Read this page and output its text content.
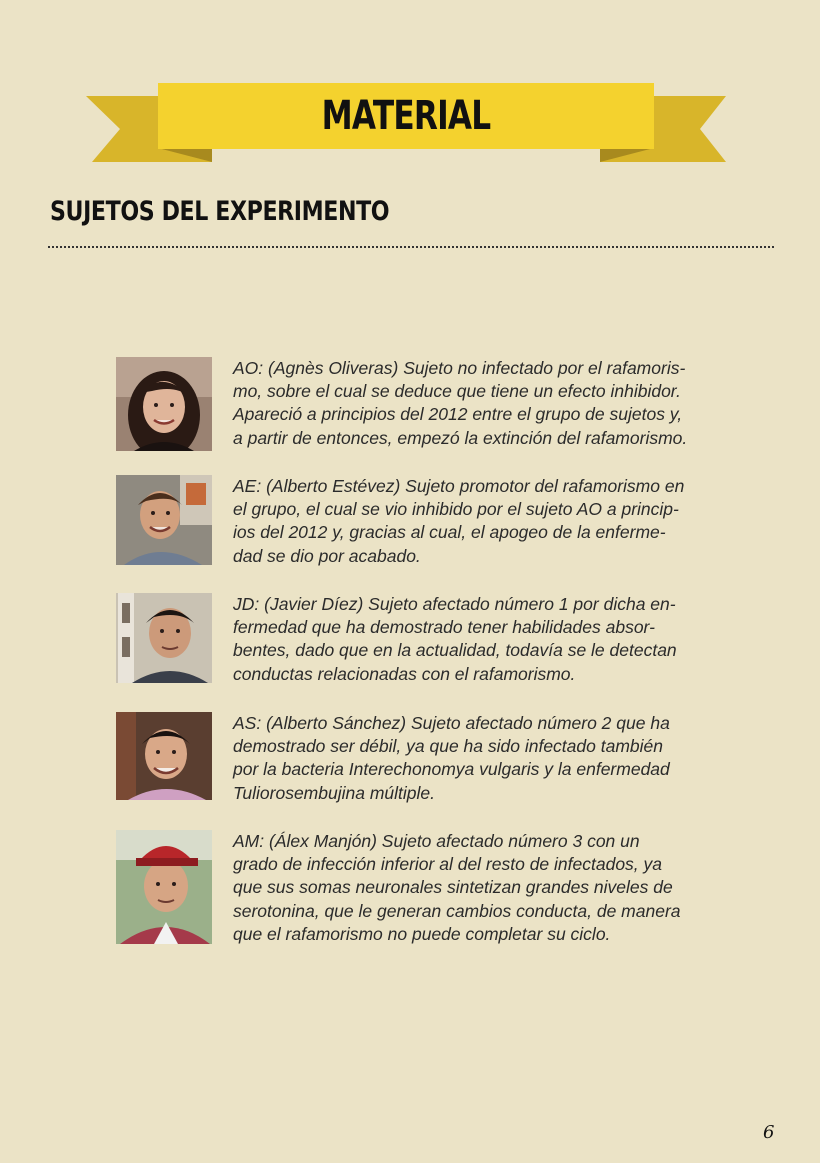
MATERIAL
SUJETOS DEL EXPERIMENTO

AO: (Agnès Oliveras) Sujeto no infectado por el rafamoris-
mo, sobre el cual se deduce que tiene un efecto inhibidor.
Apareció a principios del 2012 entre el grupo de sujetos y,
a partir de entonces, empezó la extinción del rafamorismo.

AE: (Alberto Estévez) Sujeto promotor del rafamorismo en
el grupo, el cual se vio inhibido por el sujeto AO a princip-
ios del 2012 y, gracias al cual, el apogeo de la enferme-
dad se dio por acabado.

JD: (Javier Díez) Sujeto afectado número 1 por dicha en-
fermedad que ha demostrado tener habilidades absor-
bentes, dado que en la actualidad, todavía se le detectan
conductas relacionadas con el rafamorismo.

AS: (Alberto Sánchez) Sujeto afectado número 2 que ha
demostrado ser débil, ya que ha sido infectado también
por la bacteria Interechonomya vulgaris y la enfermedad
Tuliorosembujina múltiple.

AM: (Álex Manjón) Sujeto afectado número 3 con un
grado de infección inferior al del resto de infectados, ya
que sus somas neuronales sintetizan grandes niveles de
serotonina, que le generan cambios conducta, de manera
que el rafamorismo no puede completar su ciclo.

6
